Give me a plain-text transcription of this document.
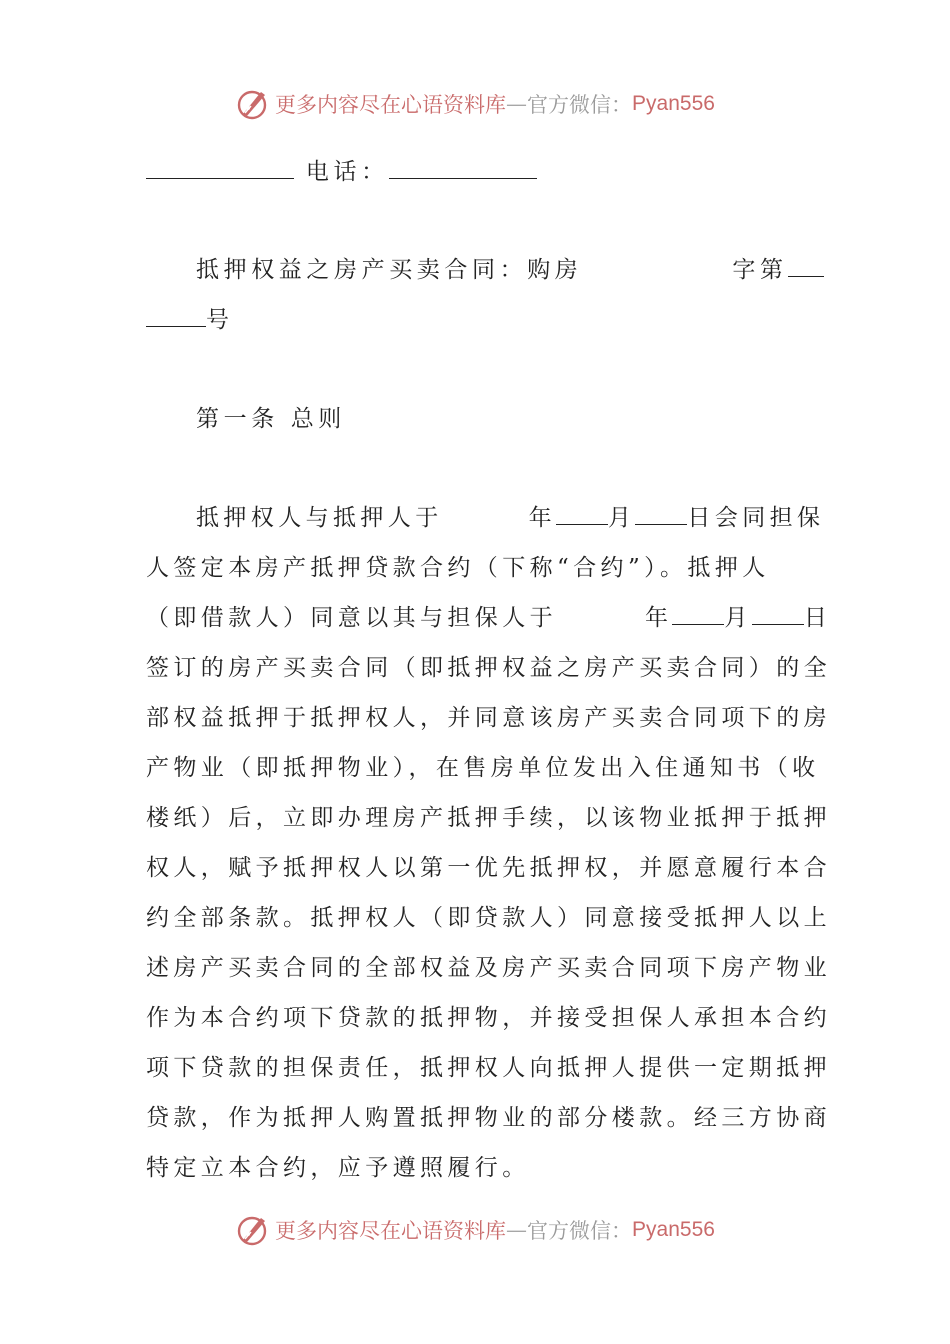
更多内容尽在心语资料库 — 官方微信： Pyan556
电话：
抵押权益之房产买卖合同：购房	字第
号
第一条 总则
抵押权人与抵押人于	年 月 日会同担保
人签定本房产抵押贷款合约（下称“合约”）。抵押人
（即借款人）同意以其与担保人于	年 月 日
签订的房产买卖合同（即抵押权益之房产买卖合同）的全
部权益抵押于抵押权人，并同意该房产买卖合同项下的房
产物业（即抵押物业），在售房单位发出入住通知书（收
楼纸）后，立即办理房产抵押手续，以该物业抵押于抵押
权人，赋予抵押权人以第一优先抵押权，并愿意履行本合
约全部条款。抵押权人（即贷款人）同意接受抵押人以上
述房产买卖合同的全部权益及房产买卖合同项下房产物业
作为本合约项下贷款的抵押物，并接受担保人承担本合约
项下贷款的担保责任，抵押权人向抵押人提供一定期抵押
贷款，作为抵押人购置抵押物业的部分楼款。经三方协商
特定立本合约，应予遵照履行。
更多内容尽在心语资料库 — 官方微信： Pyan556
